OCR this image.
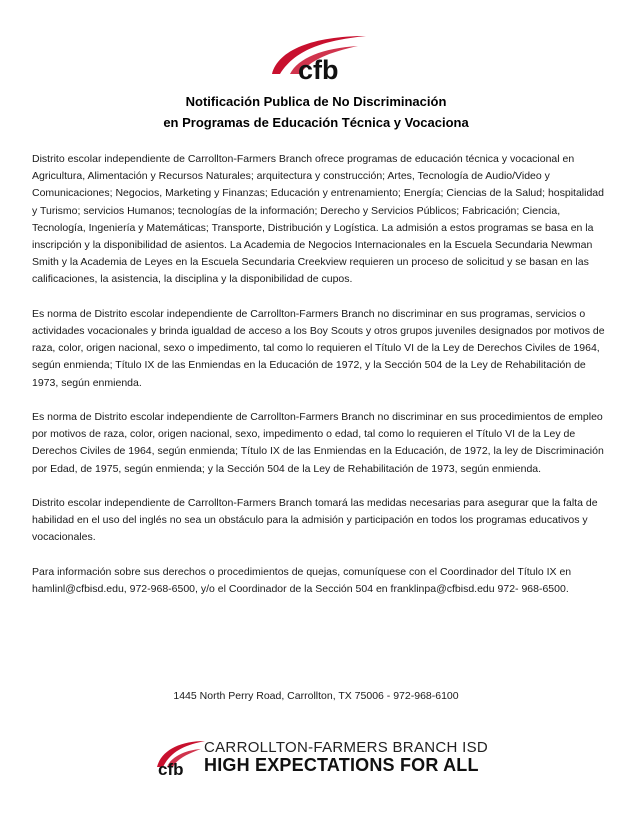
cfb
Notificación Publica de No Discriminación
en Programas de Educación Técnica y Vocaciona

Distrito escolar independiente de Carrollton-Farmers Branch ofrece programas de educación técnica y vocacional en Agricultura, Alimentación y Recursos Naturales; arquitectura y construcción; Artes, Tecnología de Audio/Video y Comunicaciones; Negocios, Marketing y Finanzas; Educación y entrenamiento; Energía; Ciencias de la Salud; hospitalidad y Turismo; servicios Humanos; tecnologías de la información; Derecho y Servicios Públicos; Fabricación; Ciencia, Tecnología, Ingeniería y Matemáticas; Transporte, Distribución y Logística. La admisión a estos programas se basa en la inscripción y la disponibilidad de asientos. La Academia de Negocios Internacionales en la Escuela Secundaria Newman Smith y la Academia de Leyes en la Escuela Secundaria Creekview requieren un proceso de solicitud y se basan en las calificaciones, la asistencia, la disciplina y la disponibilidad de cupos.

Es norma de Distrito escolar independiente de Carrollton-Farmers Branch no discriminar en sus programas, servicios o actividades vocacionales y brinda igualdad de acceso a los Boy Scouts y otros grupos juveniles designados por motivos de raza, color, origen nacional, sexo o impedimento, tal como lo requieren el Título VI de la Ley de Derechos Civiles de 1964, según enmienda; Título IX de las Enmiendas en la Educación de 1972, y la Sección 504 de la Ley de Rehabilitación de 1973, según enmienda.

Es norma de Distrito escolar independiente de Carrollton-Farmers Branch no discriminar en sus procedimientos de empleo por motivos de raza, color, origen nacional, sexo, impedimento o edad, tal como lo requieren el Título VI de la Ley de Derechos Civiles de 1964, según enmienda; Título IX de las Enmiendas en la Educación, de 1972, la ley de Discriminación por Edad, de 1975, según enmienda; y la Sección 504 de la Ley de Rehabilitación de 1973, según enmienda.

Distrito escolar independiente de Carrollton-Farmers Branch tomará las medidas necesarias para asegurar que la falta de habilidad en el uso del inglés no sea un obstáculo para la admisión y participación en todos los programas educativos y vocacionales.

Para información sobre sus derechos o procedimientos de quejas, comuníquese con el Coordinador del Título IX en hamlinl@cfbisd.edu, 972-968-6500, y/o el Coordinador de la Sección 504 en franklinpa@cfbisd.edu 972- 968-6500.

1445 North Perry Road, Carrollton, TX 75006 - 972-968-6100
cfb
CARROLLTON-FARMERS BRANCH ISD
HIGH EXPECTATIONS FOR ALL
